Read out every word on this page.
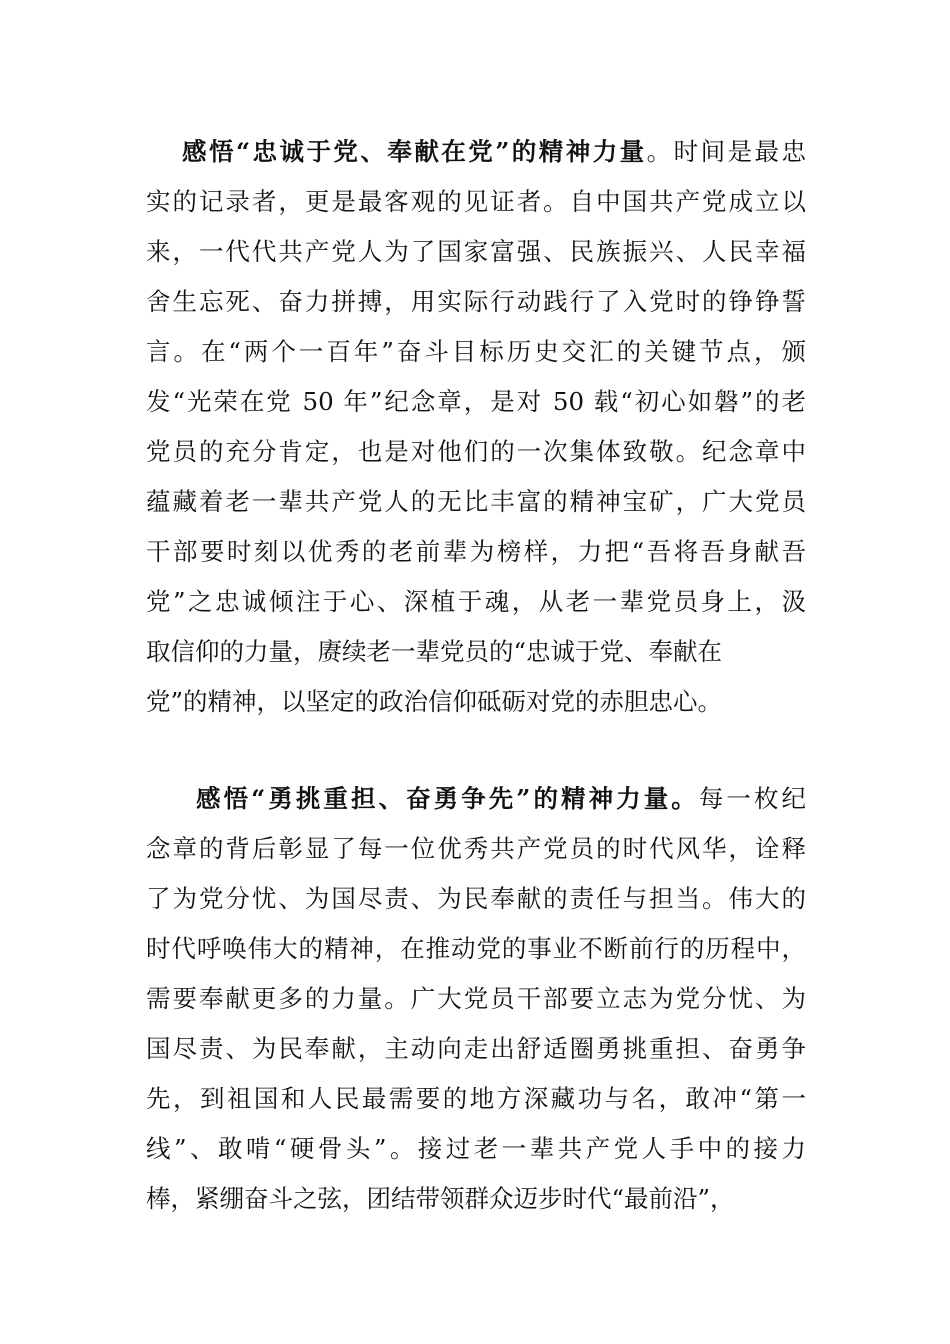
感悟“忠诚于党、奉献在党”的精神力量。时间是最忠
实的记录者，更是最客观的见证者。自中国共产党成立以
来，一代代共产党人为了国家富强、民族振兴、人民幸福
舍生忘死、奋力拼搏，用实际行动践行了入党时的铮铮誓
言。在“两个一百年”奋斗目标历史交汇的关键节点，颁
发“光荣在党 50 年”纪念章，是对 50 载“初心如磐”的老
党员的充分肯定，也是对他们的一次集体致敬。纪念章中
蕴藏着老一辈共产党人的无比丰富的精神宝矿，广大党员
干部要时刻以优秀的老前辈为榜样，力把“吾将吾身献吾
党”之忠诚倾注于心、深植于魂，从老一辈党员身上，汲
取信仰的力量，赓续老一辈党员的“忠诚于党、奉献在
党”的精神，以坚定的政治信仰砥砺对党的赤胆忠心。
感悟“勇挑重担、奋勇争先”的精神力量。每一枚纪
念章的背后彰显了每一位优秀共产党员的时代风华，诠释
了为党分忧、为国尽责、为民奉献的责任与担当。伟大的
时代呼唤伟大的精神，在推动党的事业不断前行的历程中，
需要奉献更多的力量。广大党员干部要立志为党分忧、为
国尽责、为民奉献，主动向走出舒适圈勇挑重担、奋勇争
先，到祖国和人民最需要的地方深藏功与名，敢冲“第一
线”、敢啃“硬骨头”。接过老一辈共产党人手中的接力
棒，紧绷奋斗之弦，团结带领群众迈步时代“最前沿”，
